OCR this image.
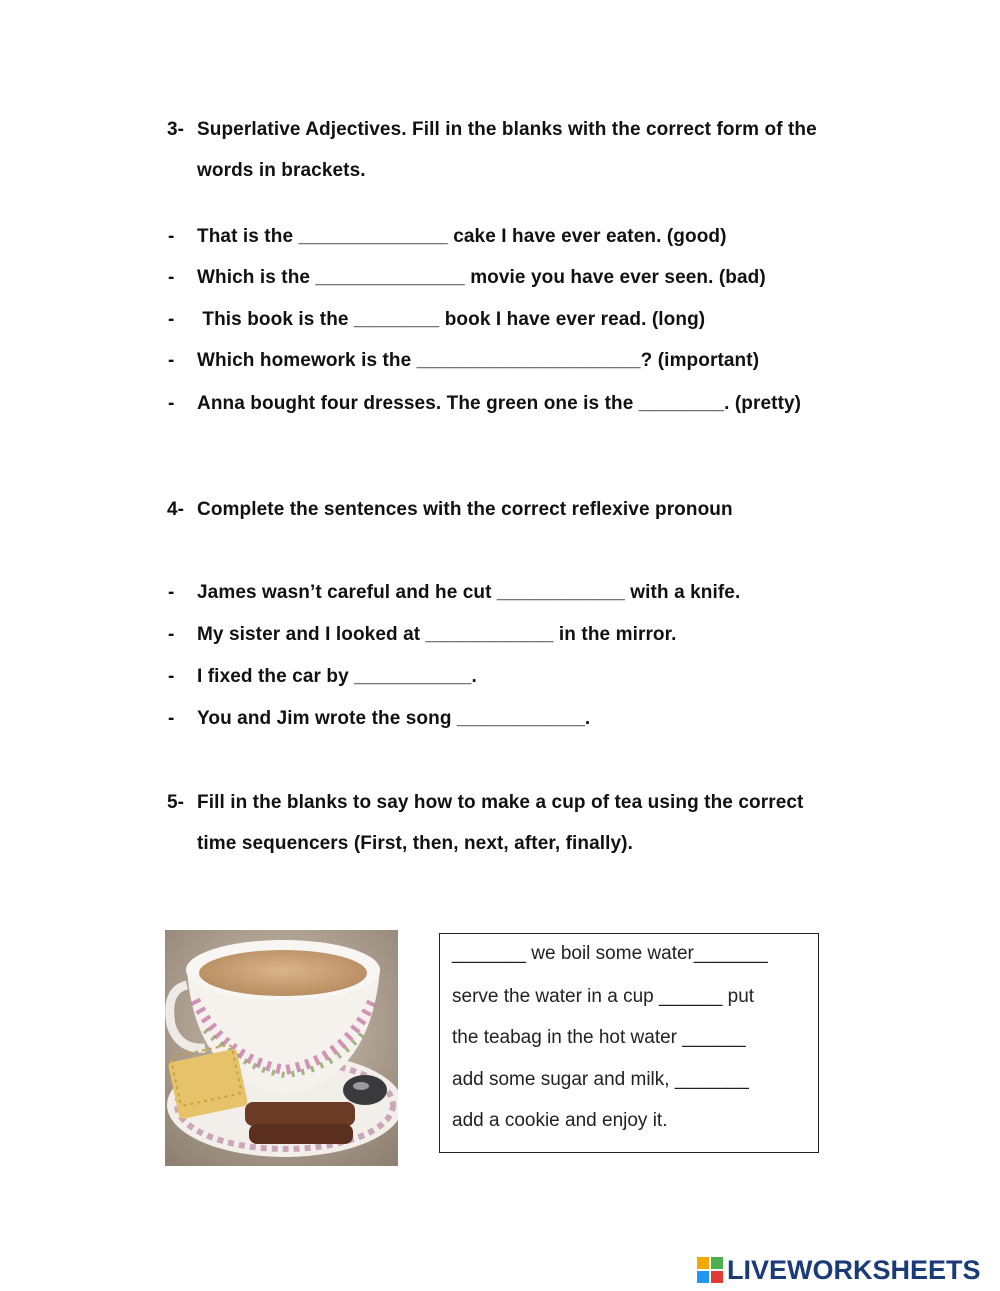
3- Superlative Adjectives. Fill in the blanks with the correct form of the
words in brackets.
- That is the ______________ cake I have ever eaten. (good)
- Which is the ______________ movie you have ever seen. (bad)
- This book is the ________ book I have ever read. (long)
- Which homework is the _____________________? (important)
- Anna bought four dresses. The green one is the ________. (pretty)
4- Complete the sentences with the correct reflexive pronoun
- James wasn’t careful and he cut ____________ with a knife.
- My sister and I looked at ____________ in the mirror.
- I fixed the car by ___________.
- You and Jim wrote the song ____________.
5- Fill in the blanks to say how to make a cup of tea using the correct
time sequencers (First, then, next, after, finally).
_______ we boil some water_______
serve the water in a cup ______ put
the teabag in the hot water ______
add some sugar and milk, _______
add a cookie and enjoy it.
LIVEWORKSHEETS
